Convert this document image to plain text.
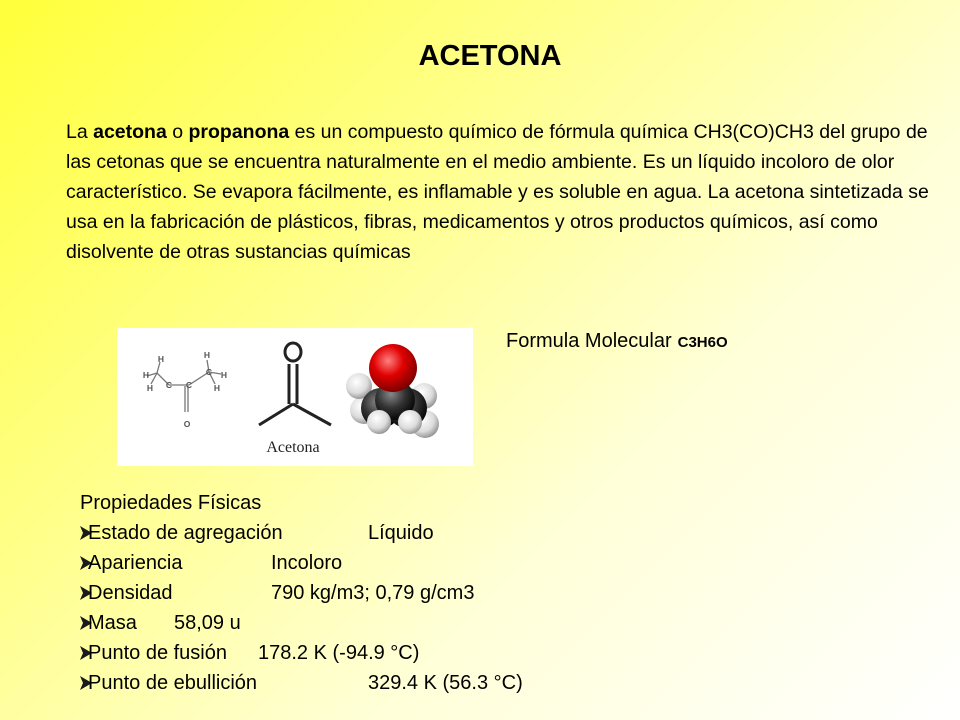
ACETONA
La acetona o propanona es un compuesto químico de fórmula química CH3(CO)CH3 del grupo de las cetonas que se encuentra naturalmente en el medio ambiente. Es un líquido incoloro de olor característico. Se evapora fácilmente, es inflamable y es soluble en agua. La acetona sintetizada se usa en la fabricación de plásticos, fibras, medicamentos y otros productos químicos, así como disolvente de otras sustancias químicas
H
H
H C C
O
C
H
H
H
Acetona
Formula Molecular C3H6O
Propiedades Físicas
Estado de agregación	Líquido
Apariencia	Incoloro
Densidad	790 kg/m3; 0,79 g/cm3
Masa 58,09 u
Punto de fusión 178.2 K (-94.9 °C)
Punto de ebullición	329.4 K (56.3 °C)
